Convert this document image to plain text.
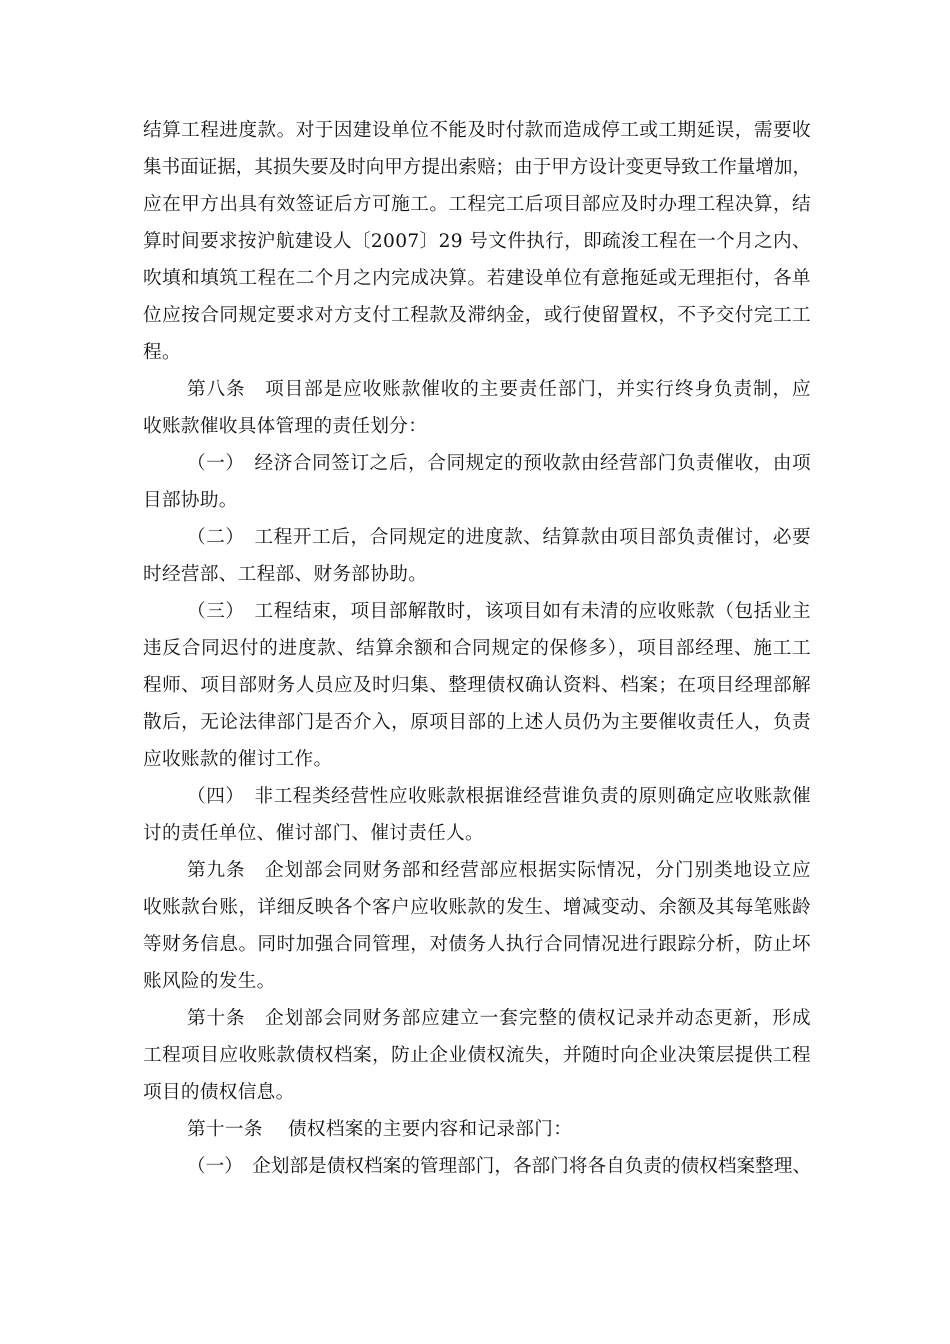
结算工程进度款。对于因建设单位不能及时付款而造成停工或工期延误，需要收
集书面证据，其损失要及时向甲方提出索赔；由于甲方设计变更导致工作量增加，
应在甲方出具有效签证后方可施工。工程完工后项目部应及时办理工程决算，结
算时间要求按沪航建设人〔2007〕29 号文件执行，即疏浚工程在一个月之内、
吹填和填筑工程在二个月之内完成决算。若建设单位有意拖延或无理拒付，各单
位应按合同规定要求对方支付工程款及滞纳金，或行使留置权，不予交付完工工
程。
第八条　项目部是应收账款催收的主要责任部门，并实行终身负责制，应
收账款催收具体管理的责任划分：
（一）　经济合同签订之后，合同规定的预收款由经营部门负责催收，由项
目部协助。
（二）　工程开工后，合同规定的进度款、结算款由项目部负责催讨，必要
时经营部、工程部、财务部协助。
（三）　工程结束，项目部解散时，该项目如有未清的应收账款（包括业主
违反合同迟付的进度款、结算余额和合同规定的保修多），项目部经理、施工工
程师、项目部财务人员应及时归集、整理债权确认资料、档案；在项目经理部解
散后，无论法律部门是否介入，原项目部的上述人员仍为主要催收责任人，负责
应收账款的催讨工作。
（四）　非工程类经营性应收账款根据谁经营谁负责的原则确定应收账款催
讨的责任单位、催讨部门、催讨责任人。
第九条　企划部会同财务部和经营部应根据实际情况，分门别类地设立应
收账款台账，详细反映各个客户应收账款的发生、增减变动、余额及其每笔账龄
等财务信息。同时加强合同管理，对债务人执行合同情况进行跟踪分析，防止坏
账风险的发生。
第十条　企划部会同财务部应建立一套完整的债权记录并动态更新，形成
工程项目应收账款债权档案，防止企业债权流失，并随时向企业决策层提供工程
项目的债权信息。
第十一条　 债权档案的主要内容和记录部门：
（一）　企划部是债权档案的管理部门，各部门将各自负责的债权档案整理、
